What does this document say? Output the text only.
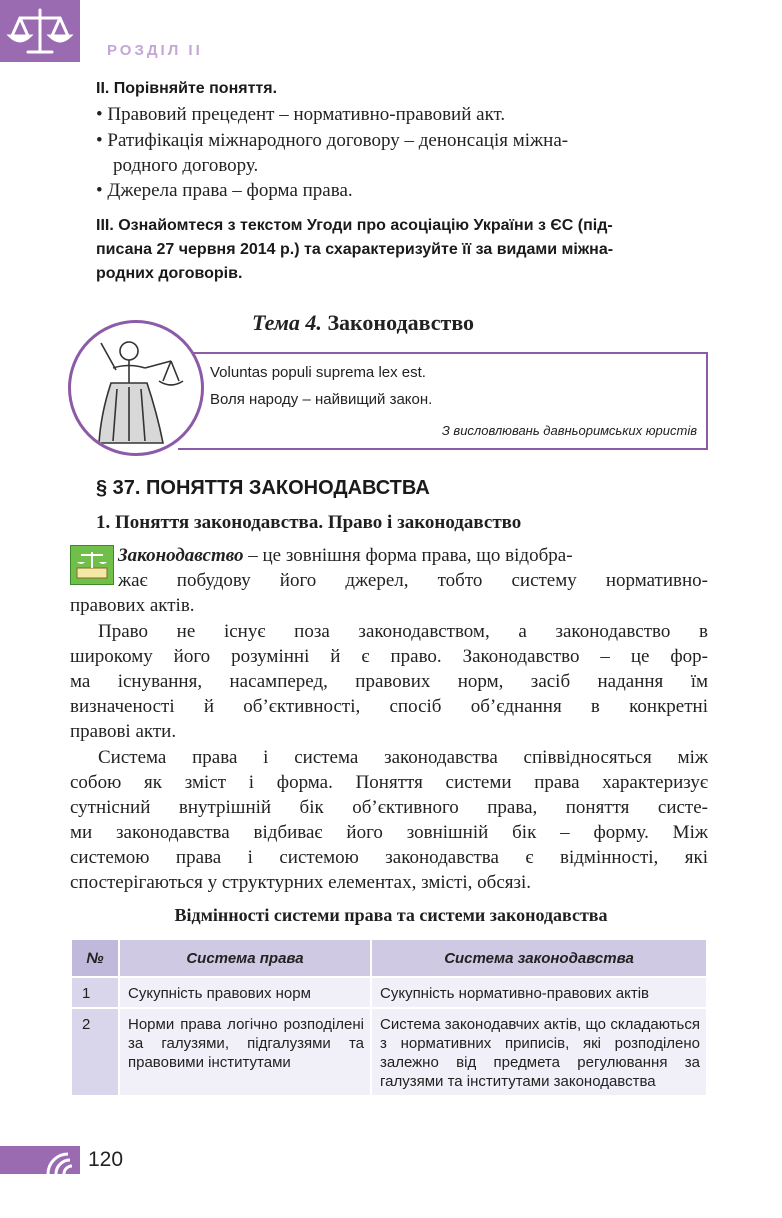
РОЗДІЛ II
II. Порівняйте поняття.
• Правовий прецедент – нормативно-правовий акт.
• Ратифікація міжнародного договору – денонсація міжна-
родного договору.
• Джерела права – форма права.
III. Ознайомтеся з текстом Угоди про асоціацію України з ЄС (під-
писана 27 червня 2014 р.) та схарактеризуйте її за видами міжна-
родних договорів.
Тема 4. Законодавство
Voluntas populi suprema lex est.
Воля народу – найвищий закон.
З висловлювань давньоримських юристів
§ 37. ПОНЯТТЯ ЗАКОНОДАВСТВА
1. Поняття законодавства. Право і законодавство
Законодавство – це зовнішня форма права, що відобра-
жає побудову його джерел, тобто систему нормативно-
правових актів.
Право не існує поза законодавством, а законодавство в
широкому його розумінні й є право. Законодавство – це фор-
ма існування, насамперед, правових норм, засіб надання їм
визначеності й об’єктивності, спосіб об’єднання в конкретні
правові акти.
Система права і система законодавства співвідносяться між
собою як зміст і форма. Поняття системи права характеризує
сутнісний внутрішній бік об’єктивного права, поняття систе-
ми законодавства відбиває його зовнішній бік – форму. Між
системою права і системою законодавства є відмінності, які
спостерігаються у структурних елементах, змісті, обсязі.
Відмінності системи права та системи законодавства
№	Система права	Система законодавства
1	Сукупність правових норм	Сукупність нормативно-правових актів
2	Норми права логічно розподілені за галузями, підгалузями та правовими інститутами	Система законодавчих актів, що складаються з нормативних приписів, які розподілено залежно від предмета регулювання за галузями та інститутами законодавства
120
